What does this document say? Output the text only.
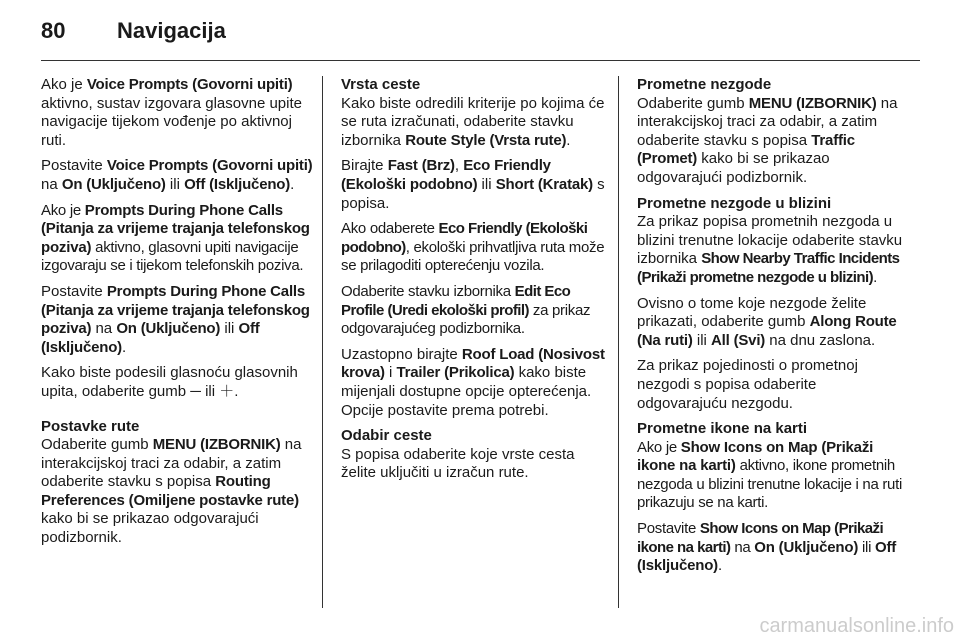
80	Navigacija

Ako je Voice Prompts (Govorni upiti) aktivno, sustav izgovara glasovne upite navigacije tijekom vođenje po aktivnoj ruti.

Postavite Voice Prompts (Govorni upiti) na On (Uključeno) ili Off (Isključeno).

Ako je Prompts During Phone Calls (Pitanja za vrijeme trajanja telefonskog poziva) aktivno, glasovni upiti navigacije izgovaraju se i tijekom telefonskih poziva.

Postavite Prompts During Phone Calls (Pitanja za vrijeme trajanja telefonskog poziva) na On (Uključeno) ili Off (Isključeno).

Kako biste podesili glasnoću glasovnih upita, odaberite gumb ─ ili ＋.

Postavke rute

Odaberite gumb MENU (IZBORNIK) na interakcijskoj traci za odabir, a zatim odaberite stavku s popisa Routing Preferences (Omiljene postavke rute) kako bi se prikazao odgovarajući podizbornik.

Vrsta ceste

Kako biste odredili kriterije po kojima će se ruta izračunati, odaberite stavku izbornika Route Style (Vrsta rute).

Birajte Fast (Brz), Eco Friendly (Ekološki podobno) ili Short (Kratak) s popisa.

Ako odaberete Eco Friendly (Ekološki podobno), ekološki prihvatljiva ruta može se prilagoditi opterećenju vozila.

Odaberite stavku izbornika Edit Eco Profile (Uredi ekološki profil) za prikaz odgovarajućeg podizbornika.

Uzastopno birajte Roof Load (Nosivost krova) i Trailer (Prikolica) kako biste mijenjali dostupne opcije opterećenja. Opcije postavite prema potrebi.

Odabir ceste

S popisa odaberite koje vrste cesta želite uključiti u izračun rute.

Prometne nezgode

Odaberite gumb MENU (IZBORNIK) na interakcijskoj traci za odabir, a zatim odaberite stavku s popisa Traffic (Promet) kako bi se prikazao odgovarajući podizbornik.

Prometne nezgode u blizini

Za prikaz popisa prometnih nezgoda u blizini trenutne lokacije odaberite stavku izbornika Show Nearby Traffic Incidents (Prikaži prometne nezgode u blizini).

Ovisno o tome koje nezgode želite prikazati, odaberite gumb Along Route (Na ruti) ili All (Svi) na dnu zaslona.

Za prikaz pojedinosti o prometnoj nezgodi s popisa odaberite odgovarajuću nezgodu.

Prometne ikone na karti

Ako je Show Icons on Map (Prikaži ikone na karti) aktivno, ikone prometnih nezgoda u blizini trenutne lokacije i na ruti prikazuju se na karti.

Postavite Show Icons on Map (Prikaži ikone na karti) na On (Uključeno) ili Off (Isključeno).

carmanualsonline.info
